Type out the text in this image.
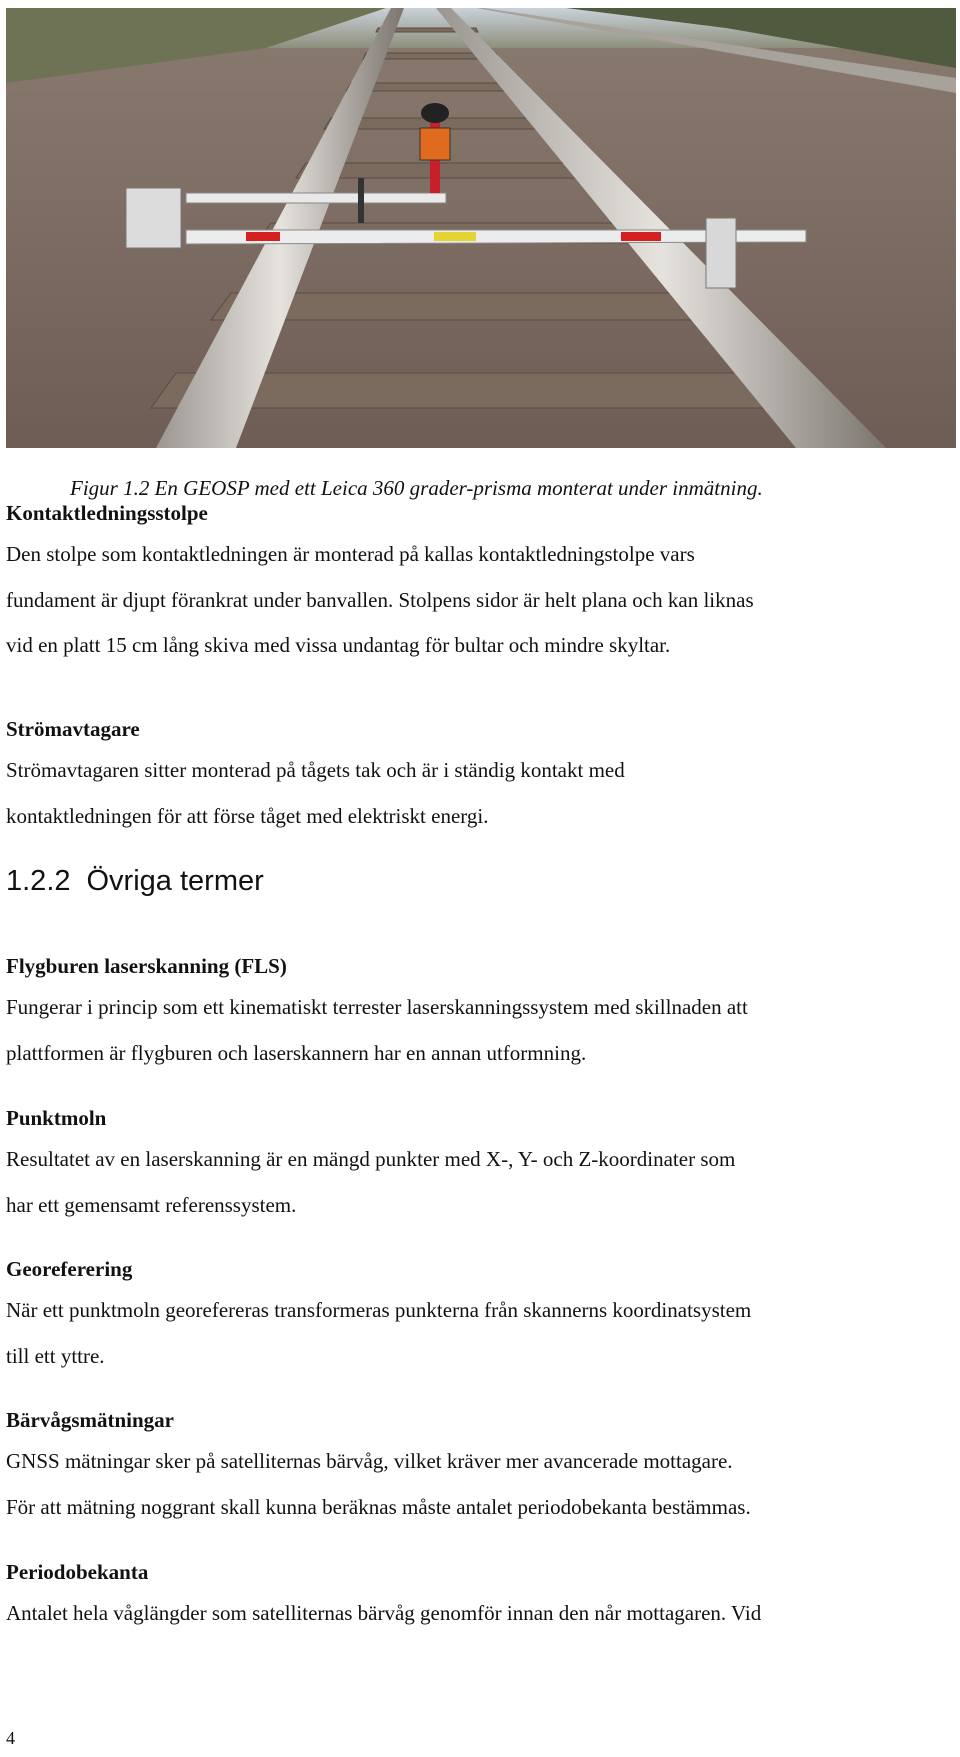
Figur 1.2 En GEOSP med ett Leica 360 grader-prisma monterat under inmätning.
Kontaktledningsstolpe
Den stolpe som kontaktledningen är monterad på kallas kontaktledningstolpe vars
fundament är djupt förankrat under banvallen. Stolpens sidor är helt plana och kan liknas
vid en platt 15 cm lång skiva med vissa undantag för bultar och mindre skyltar.
Strömavtagare
Strömavtagaren sitter monterad på tågets tak och är i ständig kontakt med
kontaktledningen för att förse tåget med elektriskt energi.
1.2.2 Övriga termer
Flygburen laserskanning (FLS)
Fungerar i princip som ett kinematiskt terrester laserskanningssystem med skillnaden att
plattformen är flygburen och laserskannern har en annan utformning.
Punktmoln
Resultatet av en laserskanning är en mängd punkter med X-, Y- och Z-koordinater som
har ett gemensamt referenssystem.
Georeferering
När ett punktmoln georefereras transformeras punkterna från skannerns koordinatsystem
till ett yttre.
Bärvågsmätningar
GNSS mätningar sker på satelliternas bärvåg, vilket kräver mer avancerade mottagare.
För att mätning noggrant skall kunna beräknas måste antalet periodobekanta bestämmas.
Periodobekanta
Antalet hela våglängder som satelliternas bärvåg genomför innan den når mottagaren. Vid
4
